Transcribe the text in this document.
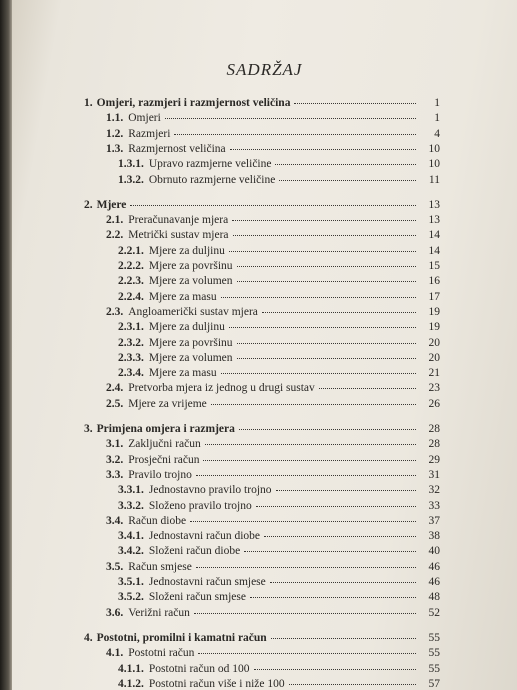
SADRŽAJ
1. Omjeri, razmjeri i razmjernost veličina	1
1.1. Omjeri	1
1.2. Razmjeri	4
1.3. Razmjernost veličina	10
1.3.1. Upravo razmjerne veličine	10
1.3.2. Obrnuto razmjerne veličine	11
2. Mjere	13
2.1. Preračunavanje mjera	13
2.2. Metrički sustav mjera	14
2.2.1. Mjere za duljinu	14
2.2.2. Mjere za površinu	15
2.2.3. Mjere za volumen	16
2.2.4. Mjere za masu	17
2.3. Angloamerički sustav mjera	19
2.3.1. Mjere za duljinu	19
2.3.2. Mjere za površinu	20
2.3.3. Mjere za volumen	20
2.3.4. Mjere za masu	21
2.4. Pretvorba mjera iz jednog u drugi sustav	23
2.5. Mjere za vrijeme	26
3. Primjena omjera i razmjera	28
3.1. Zaključni račun	28
3.2. Prosječni račun	29
3.3. Pravilo trojno	31
3.3.1. Jednostavno pravilo trojno	32
3.3.2. Složeno pravilo trojno	33
3.4. Račun diobe	37
3.4.1. Jednostavni račun diobe	38
3.4.2. Složeni račun diobe	40
3.5. Račun smjese	46
3.5.1. Jednostavni račun smjese	46
3.5.2. Složeni račun smjese	48
3.6. Verižni račun	52
4. Postotni, promilni i kamatni račun	55
4.1. Postotni račun	55
4.1.1. Postotni račun od 100	55
4.1.2. Postotni račun više i niže 100	57
